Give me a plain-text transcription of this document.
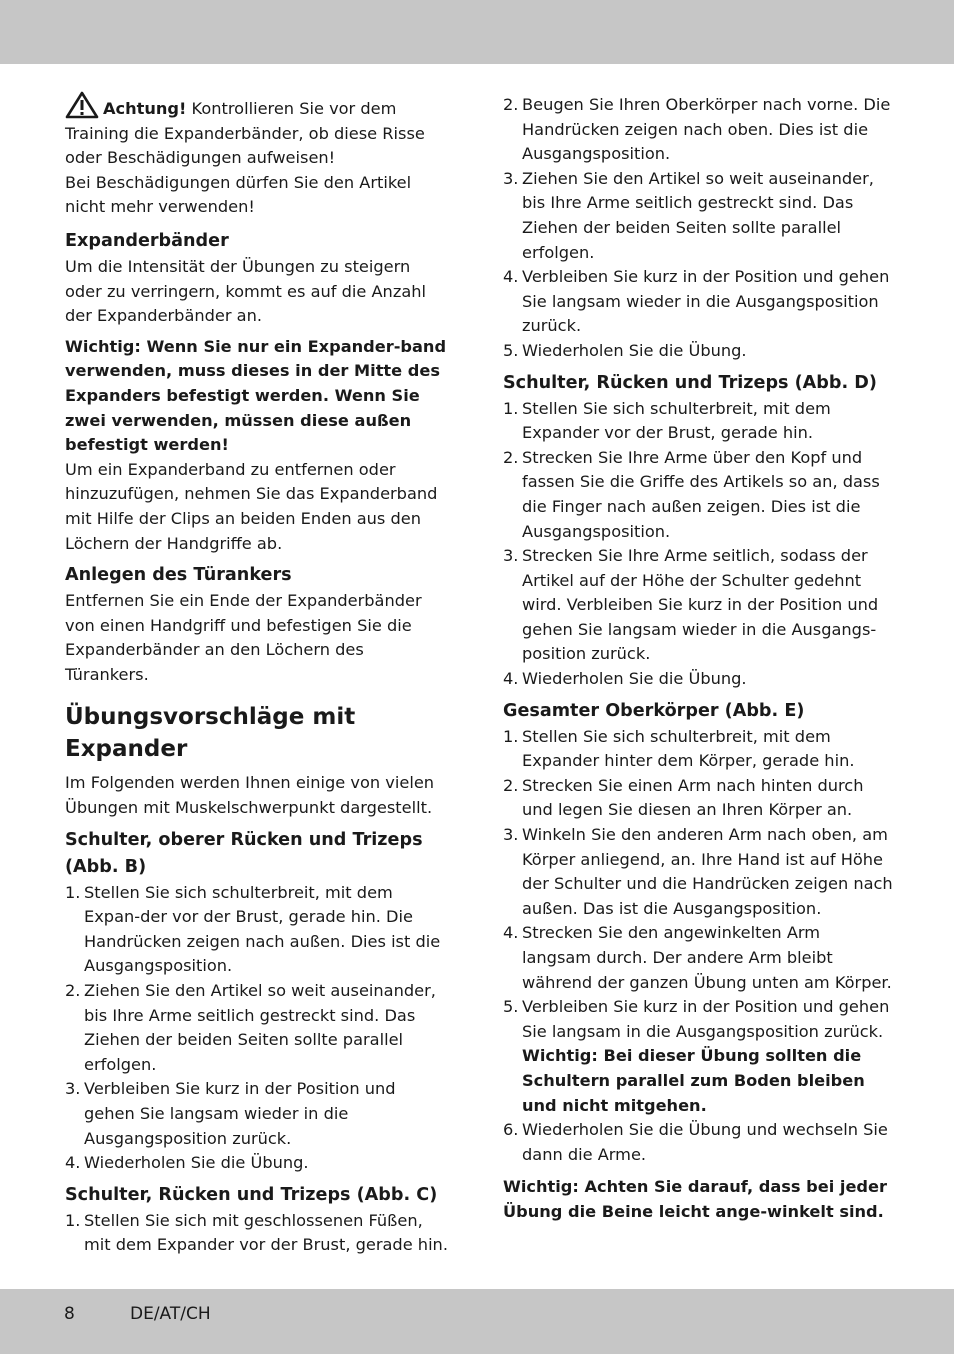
Achtung! Kontrollieren Sie vor dem Training die Expanderbänder, ob diese Risse oder Beschädigungen aufweisen!
Bei Beschädigungen dürfen Sie den Artikel nicht mehr verwenden!

Expanderbänder

Um die Intensität der Übungen zu steigern oder zu verringern, kommt es auf die Anzahl der Expanderbänder an.

Wichtig: Wenn Sie nur ein Expander-band verwenden, muss dieses in der Mitte des Expanders befestigt werden. Wenn Sie zwei verwenden, müssen diese außen befestigt werden!

Um ein Expanderband zu entfernen oder hinzuzufügen, nehmen Sie das Expanderband mit Hilfe der Clips an beiden Enden aus den Löchern der Handgriffe ab.

Anlegen des Türankers

Entfernen Sie ein Ende der Expanderbänder von einen Handgriff und befestigen Sie die Expanderbänder an den Löchern des Türankers.

Übungsvorschläge mit Expander

Im Folgenden werden Ihnen einige von vielen Übungen mit Muskelschwerpunkt dargestellt.

Schulter, oberer Rücken und Trizeps (Abb. B)
1. Stellen Sie sich schulterbreit, mit dem Expan-der vor der Brust, gerade hin. Die Handrücken zeigen nach außen. Dies ist die Ausgangsposition.
2. Ziehen Sie den Artikel so weit auseinander, bis Ihre Arme seitlich gestreckt sind. Das Ziehen der beiden Seiten sollte parallel erfolgen.
3. Verbleiben Sie kurz in der Position und gehen Sie langsam wieder in die Ausgangsposition zurück.
4. Wiederholen Sie die Übung.
Schulter, Rücken und Trizeps (Abb. C)
1. Stellen Sie sich mit geschlossenen Füßen, mit dem Expander vor der Brust, gerade hin.
2. Beugen Sie Ihren Oberkörper nach vorne. Die Handrücken zeigen nach oben. Dies ist die Ausgangsposition.
3. Ziehen Sie den Artikel so weit auseinander, bis Ihre Arme seitlich gestreckt sind. Das Ziehen der beiden Seiten sollte parallel erfolgen.
4. Verbleiben Sie kurz in der Position und gehen Sie langsam wieder in die Ausgangsposition zurück.
5. Wiederholen Sie die Übung.
Schulter, Rücken und Trizeps (Abb. D)
1. Stellen Sie sich schulterbreit, mit dem Expander vor der Brust, gerade hin.
2. Strecken Sie Ihre Arme über den Kopf und fassen Sie die Griffe des Artikels so an, dass die Finger nach außen zeigen. Dies ist die Ausgangsposition.
3. Strecken Sie Ihre Arme seitlich, sodass der Artikel auf der Höhe der Schulter gedehnt wird. Verbleiben Sie kurz in der Position und gehen Sie langsam wieder in die Ausgangs-position zurück.
4. Wiederholen Sie die Übung.
Gesamter Oberkörper (Abb. E)
1. Stellen Sie sich schulterbreit, mit dem Expander hinter dem Körper, gerade hin.
2. Strecken Sie einen Arm nach hinten durch und legen Sie diesen an Ihren Körper an.
3. Winkeln Sie den anderen Arm nach oben, am Körper anliegend, an. Ihre Hand ist auf Höhe der Schulter und die Handrücken zeigen nach außen. Das ist die Ausgangsposition.
4. Strecken Sie den angewinkelten Arm langsam durch. Der andere Arm bleibt während der ganzen Übung unten am Körper.
5. Verbleiben Sie kurz in der Position und gehen Sie langsam in die Ausgangsposition zurück.
Wichtig: Bei dieser Übung sollten die Schultern parallel zum Boden bleiben und nicht mitgehen.
6. Wiederholen Sie die Übung und wechseln Sie dann die Arme.

Wichtig: Achten Sie darauf, dass bei jeder Übung die Beine leicht ange-winkelt sind.

8	DE/AT/CH
